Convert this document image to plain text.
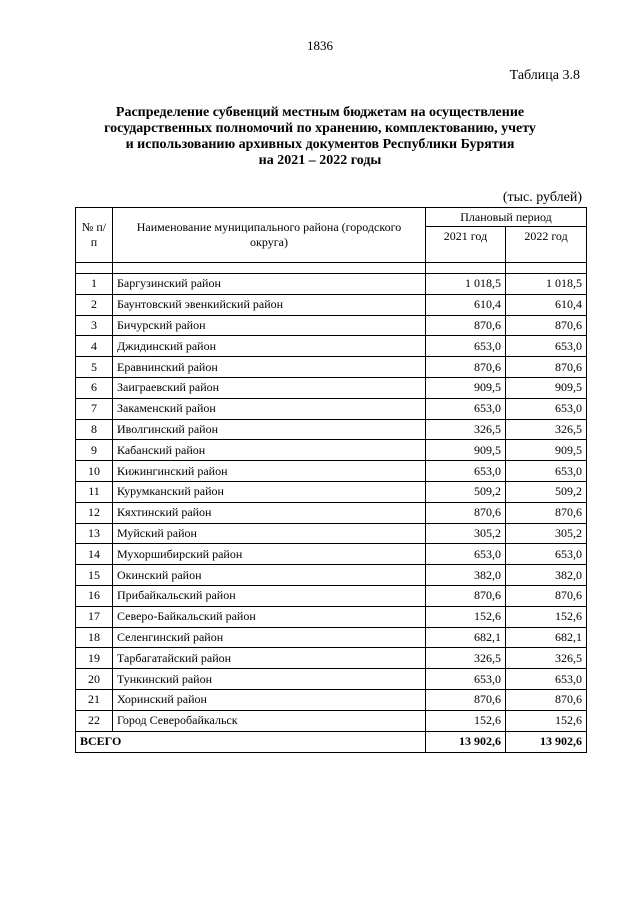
1836
Таблица 3.8
Распределение субвенций местным бюджетам на осуществление
государственных полномочий по хранению, комплектованию, учету
и использованию архивных документов Республики Бурятия
на 2021 – 2022 годы
(тыс. рублей)
№ п/п	Наименование муниципального района (городского округа)	Плановый период	
		2021 год	2022 год

1	Баргузинский район	1 018,5	1 018,5
2	Баунтовский эвенкийский район	610,4	610,4
3	Бичурский район	870,6	870,6
4	Джидинский район	653,0	653,0
5	Еравнинский район	870,6	870,6
6	Заиграевский район	909,5	909,5
7	Закаменский район	653,0	653,0
8	Иволгинский район	326,5	326,5
9	Кабанский район	909,5	909,5
10	Кижингинский район	653,0	653,0
11	Курумканский район	509,2	509,2
12	Кяхтинский район	870,6	870,6
13	Муйский район	305,2	305,2
14	Мухоршибирский район	653,0	653,0
15	Окинский район	382,0	382,0
16	Прибайкальский район	870,6	870,6
17	Северо-Байкальский район	152,6	152,6
18	Селенгинский район	682,1	682,1
19	Тарбагатайский район	326,5	326,5
20	Тункинский район	653,0	653,0
21	Хоринский район	870,6	870,6
22	Город Северобайкальск	152,6	152,6
ВСЕГО		13 902,6	13 902,6
